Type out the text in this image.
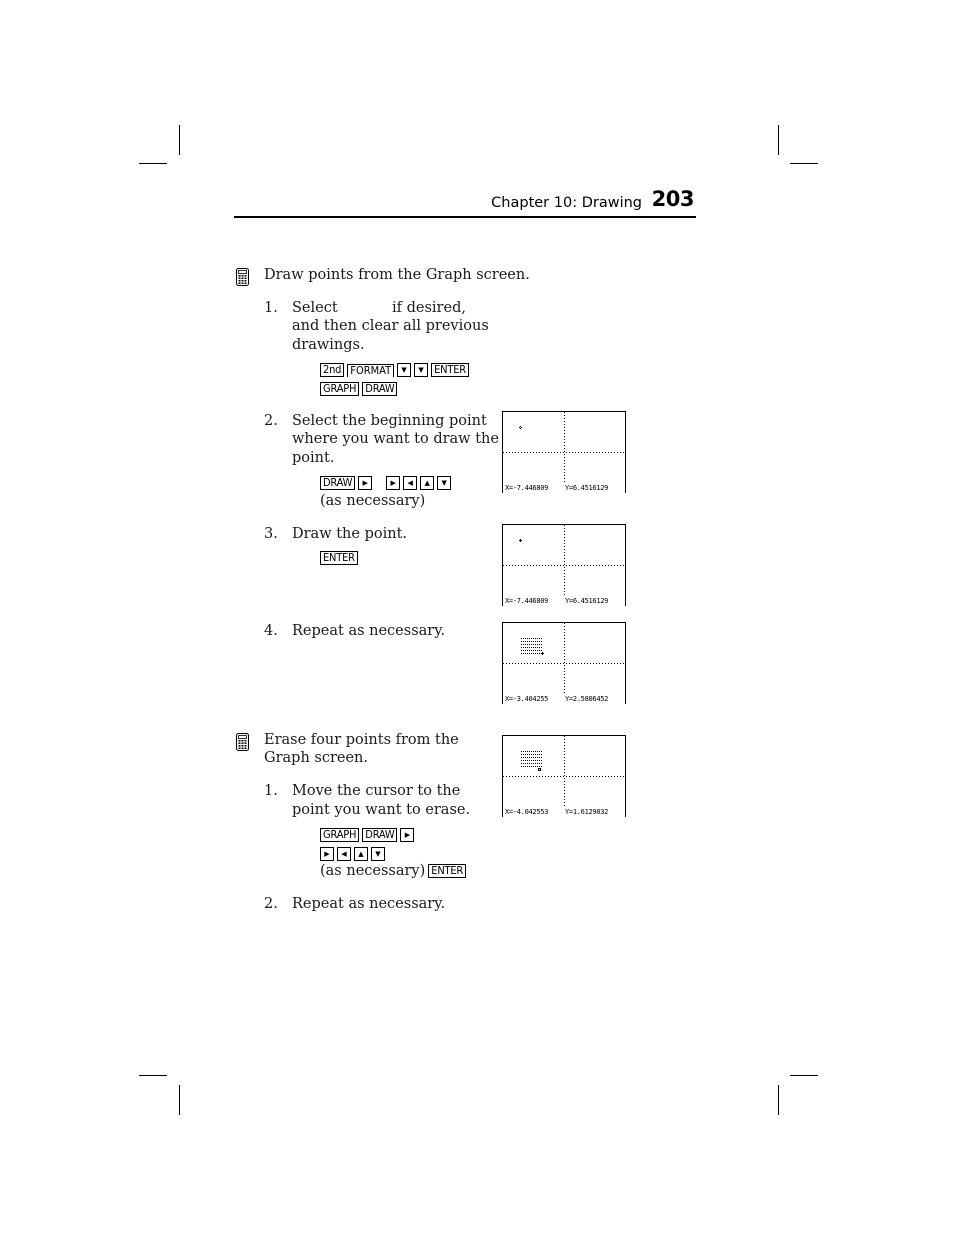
Chapter 10: Drawing 203
Draw points from the Graph screen.
1. Select	if desired,
and then clear all previous
drawings.
2nd FORMAT	▼	▼ ENTER
GRAPH DRAW
2. Select the beginning point
where you want to draw the
point.
DRAW	▶	▶	◀	▲	▼
(as necessary)
X=-7.446809 Y=6.4516129
3. Draw the point.
ENTER
X=-7.446809 Y=6.4516129
4. Repeat as necessary.
X=-3.404255 Y=2.5806452
Erase four points from the
Graph screen.
X=-4.042553 Y=1.6129032
1. Move the cursor to the
point you want to erase.
GRAPH DRAW	▶
▶	◀	▲	▼
(as necessary) ENTER
2. Repeat as necessary.
